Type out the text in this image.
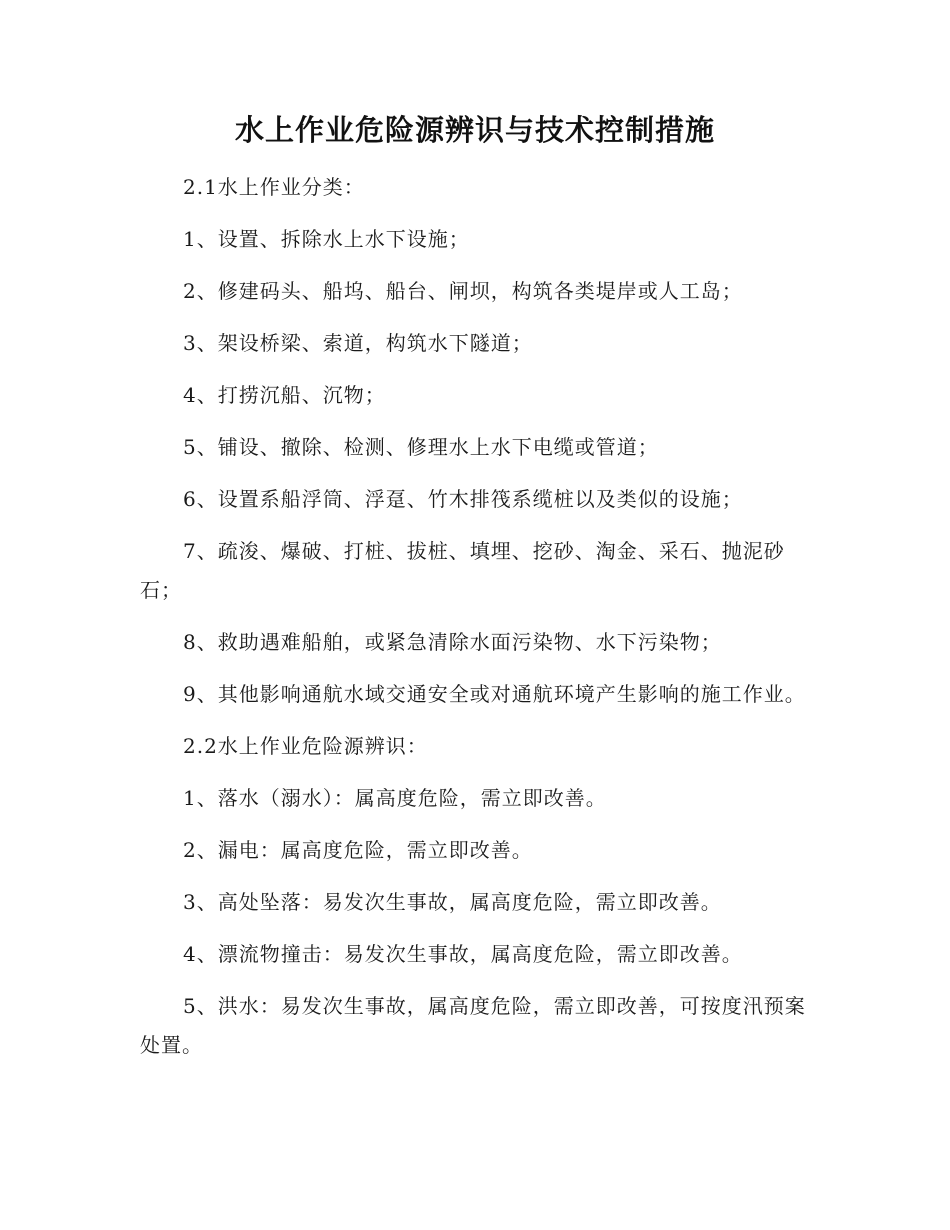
水上作业危险源辨识与技术控制措施

2.1水上作业分类：

1、设置、拆除水上水下设施；

2、修建码头、船坞、船台、闸坝，构筑各类堤岸或人工岛；

3、架设桥梁、索道，构筑水下隧道；

4、打捞沉船、沉物；

5、铺设、撤除、检测、修理水上水下电缆或管道；

6、设置系船浮筒、浮趸、竹木排筏系缆桩以及类似的设施；

7、疏浚、爆破、打桩、拔桩、填埋、挖砂、淘金、采石、抛泥砂石；

8、救助遇难船舶，或紧急清除水面污染物、水下污染物；

9、其他影响通航水域交通安全或对通航环境产生影响的施工作业。

2.2水上作业危险源辨识：

1、落水（溺水）：属高度危险，需立即改善。

2、漏电：属高度危险，需立即改善。

3、高处坠落：易发次生事故，属高度危险，需立即改善。

4、漂流物撞击：易发次生事故，属高度危险，需立即改善。

5、洪水：易发次生事故，属高度危险，需立即改善，可按度汛预案处置。
